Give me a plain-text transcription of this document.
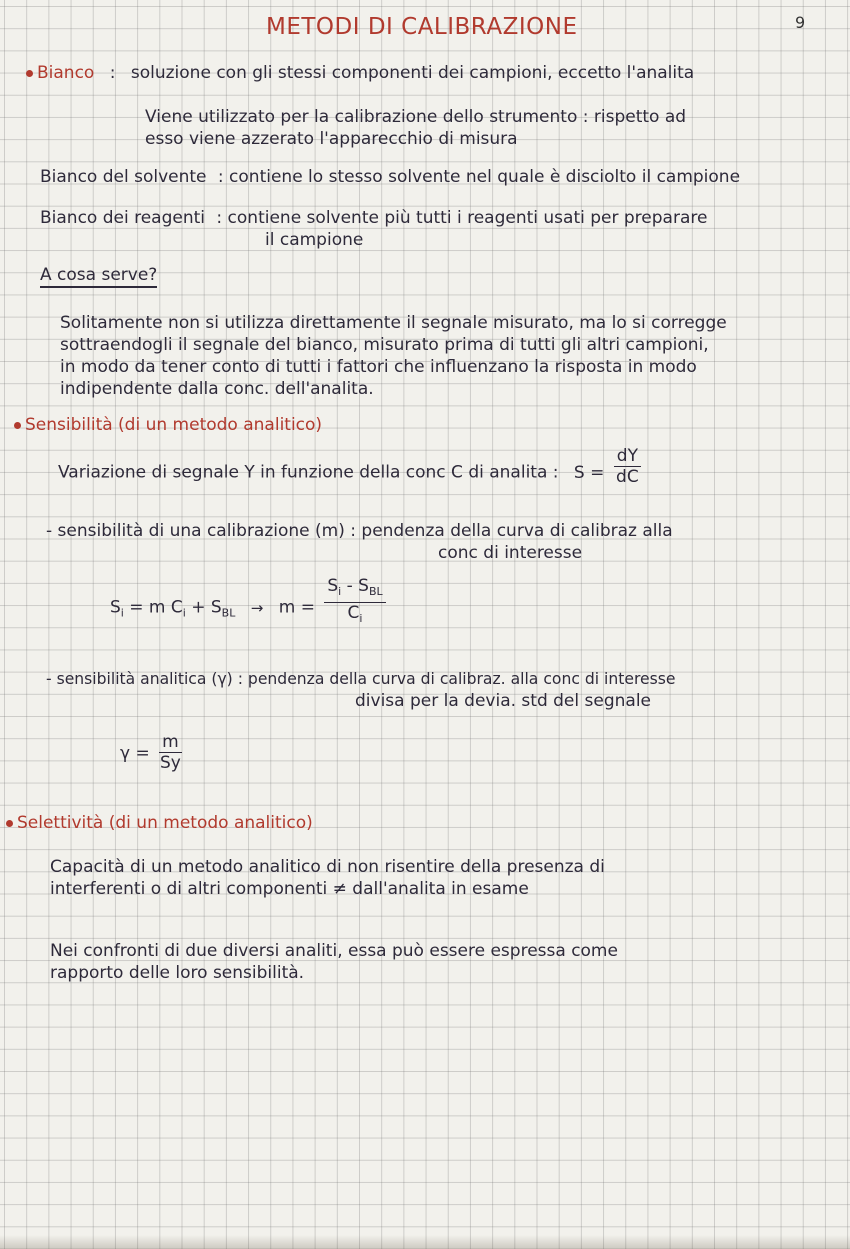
METODI DI CALIBRAZIONE	9
Bianco : soluzione con gli stessi componenti dei campioni, eccetto l'analita
Viene utilizzato per la calibrazione dello strumento : rispetto ad
esso viene azzerato l'apparecchio di misura
Bianco del solvente : contiene lo stesso solvente nel quale è disciolto il campione
Bianco dei reagenti : contiene solvente più tutti i reagenti usati per preparare
il campione
A cosa serve?
Solitamente non si utilizza direttamente il segnale misurato, ma lo si corregge
sottraendogli il segnale del bianco, misurato prima di tutti gli altri campioni,
in modo da tener conto di tutti i fattori che influenzano la risposta in modo
indipendente dalla conc. dell'analita.
Sensibilità (di un metodo analitico)
Variazione di segnale Y in funzione della conc C di analita : $S = \frac{dY}{dC}$
- sensibilità di una calibrazione (m) : pendenza della curva di calibraz alla
conc di interesse
$S_i = m$ $C_i + S_{BL} \to m = \frac{S_i - S_{BL}}{C_i}$
- sensibilità analitica (γ) : pendenza della curva di calibraz. alla conc di interesse
divisa per la devia. std del segnale
$\gamma = \frac{m}{Sy}$
Selettività (di un metodo analitico)
Capacità di un metodo analitico di non risentire della presenza di
interferenti o di altri componenti ≠ dall'analita in esame
Nei confronti di due diversi analiti, essa può essere espressa come
rapporto delle loro sensibilità.
